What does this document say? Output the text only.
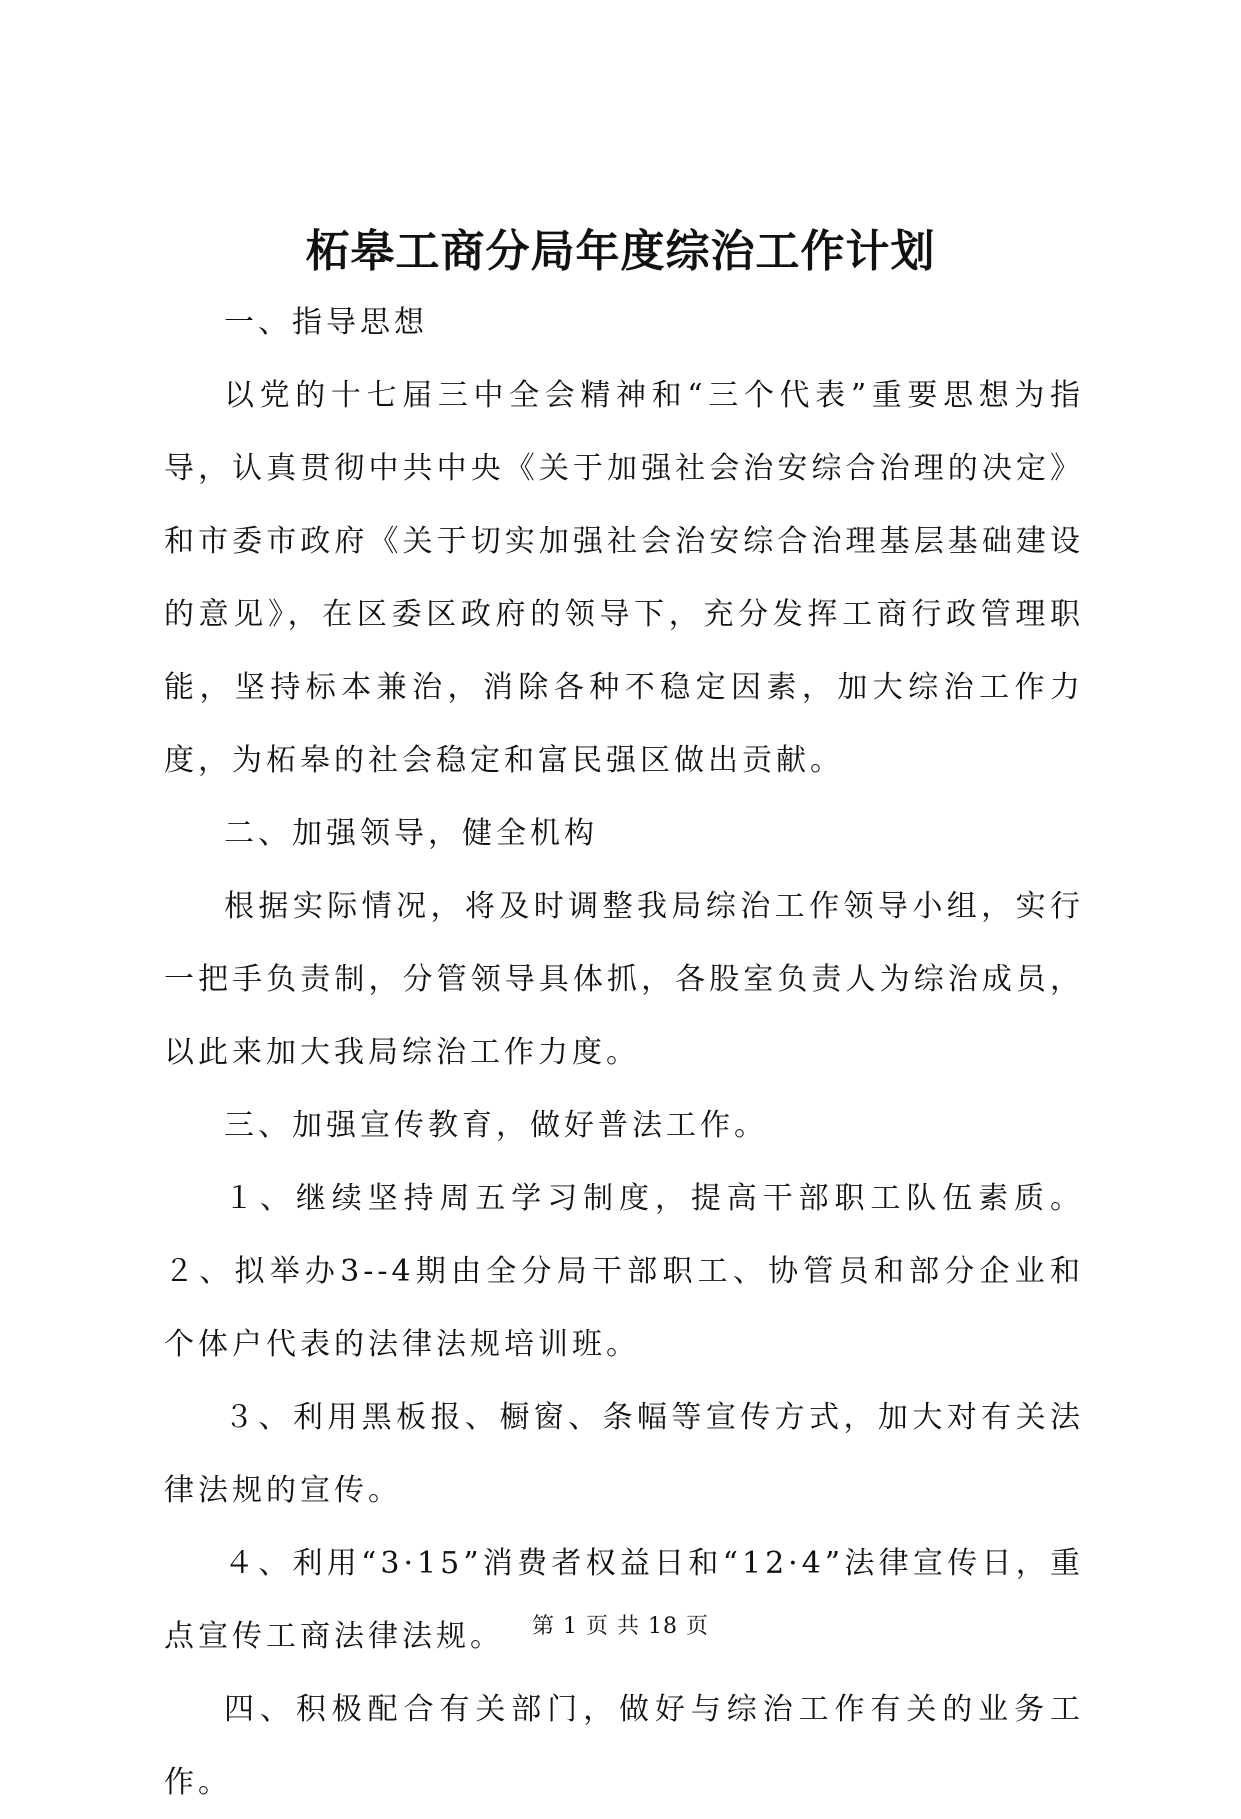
柘皋工商分局年度综治工作计划

一、指导思想

以党的十七届三中全会精神和“三个代表”重要思想为指导，认真贯彻中共中央《关于加强社会治安综合治理的决定》和市委市政府《关于切实加强社会治安综合治理基层基础建设的意见》，在区委区政府的领导下，充分发挥工商行政管理职能，坚持标本兼治，消除各种不稳定因素，加大综治工作力度，为柘皋的社会稳定和富民强区做出贡献。

二、加强领导，健全机构

根据实际情况，将及时调整我局综治工作领导小组，实行一把手负责制，分管领导具体抓，各股室负责人为综治成员，以此来加大我局综治工作力度。

三、加强宣传教育，做好普法工作。

１、继续坚持周五学习制度，提高干部职工队伍素质。２、拟举办3--4期由全分局干部职工、协管员和部分企业和个体户代表的法律法规培训班。

３、利用黑板报、橱窗、条幅等宣传方式，加大对有关法律法规的宣传。

４、利用“3·15”消费者权益日和“12·4”法律宣传日，重点宣传工商法律法规。

四、积极配合有关部门，做好与综治工作有关的业务工作。

第 1 页 共 18 页
